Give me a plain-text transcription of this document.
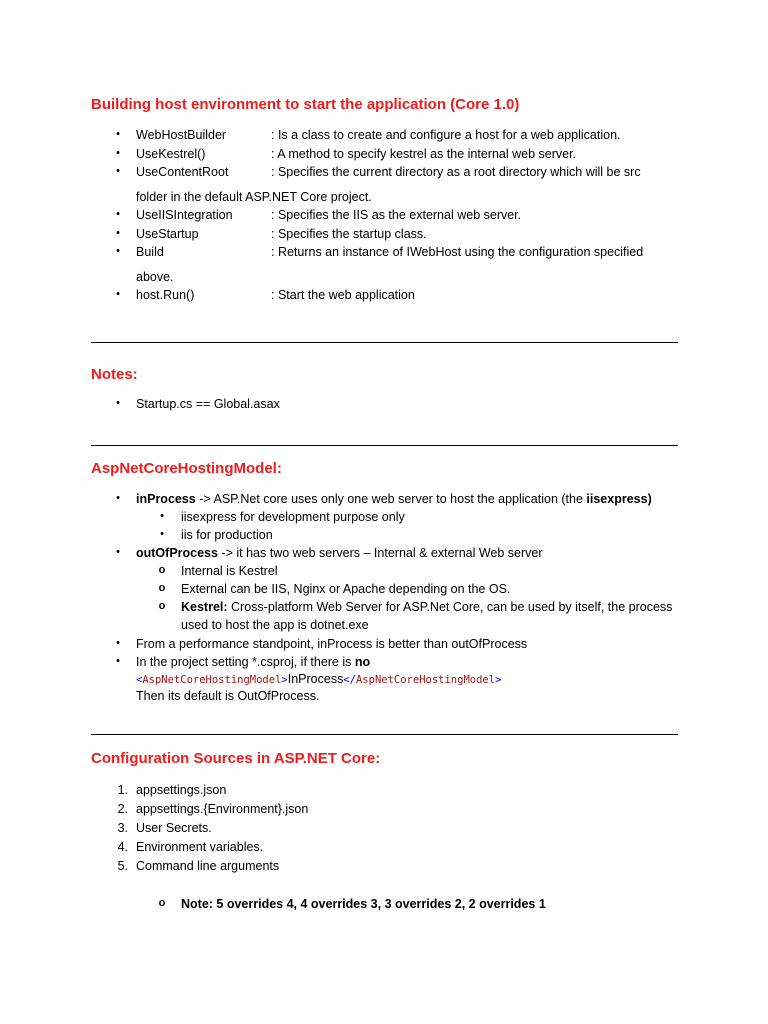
Building host environment to start the application (Core 1.0)
• WebHostBuilder	: Is a class to create and configure a host for a web application.
• UseKestrel()	: A method to specify kestrel as the internal web server.
• UseContentRoot	: Specifies the current directory as a root directory which will be src
folder in the default ASP.NET Core project.
• UseIISIntegration	: Specifies the IIS as the external web server.
• UseStartup	: Specifies the startup class.
• Build	: Returns an instance of IWebHost using the configuration specified
above.
• host.Run()	: Start the web application
Notes:
• Startup.cs == Global.asax
AspNetCoreHostingModel:
• inProcess -> ASP.Net core uses only one web server to host the application (the iisexpress)
• iisexpress for development purpose only
• iis for production
• outOfProcess -> it has two web servers – Internal & external Web server
o Internal is Kestrel
o External can be IIS, Nginx or Apache depending on the OS.
o Kestrel: Cross-platform Web Server for ASP.Net Core, can be used by itself, the process
used to host the app is dotnet.exe
• From a performance standpoint, inProcess is better than outOfProcess
• In the project setting *.csproj, if there is no
<AspNetCoreHostingModel>InProcess</AspNetCoreHostingModel>
Then its default is OutOfProcess.
Configuration Sources in ASP.NET Core:
1. appsettings.json
2. appsettings.{Environment}.json
3. User Secrets.
4. Environment variables.
5. Command line arguments
o Note: 5 overrides 4, 4 overrides 3, 3 overrides 2, 2 overrides 1
